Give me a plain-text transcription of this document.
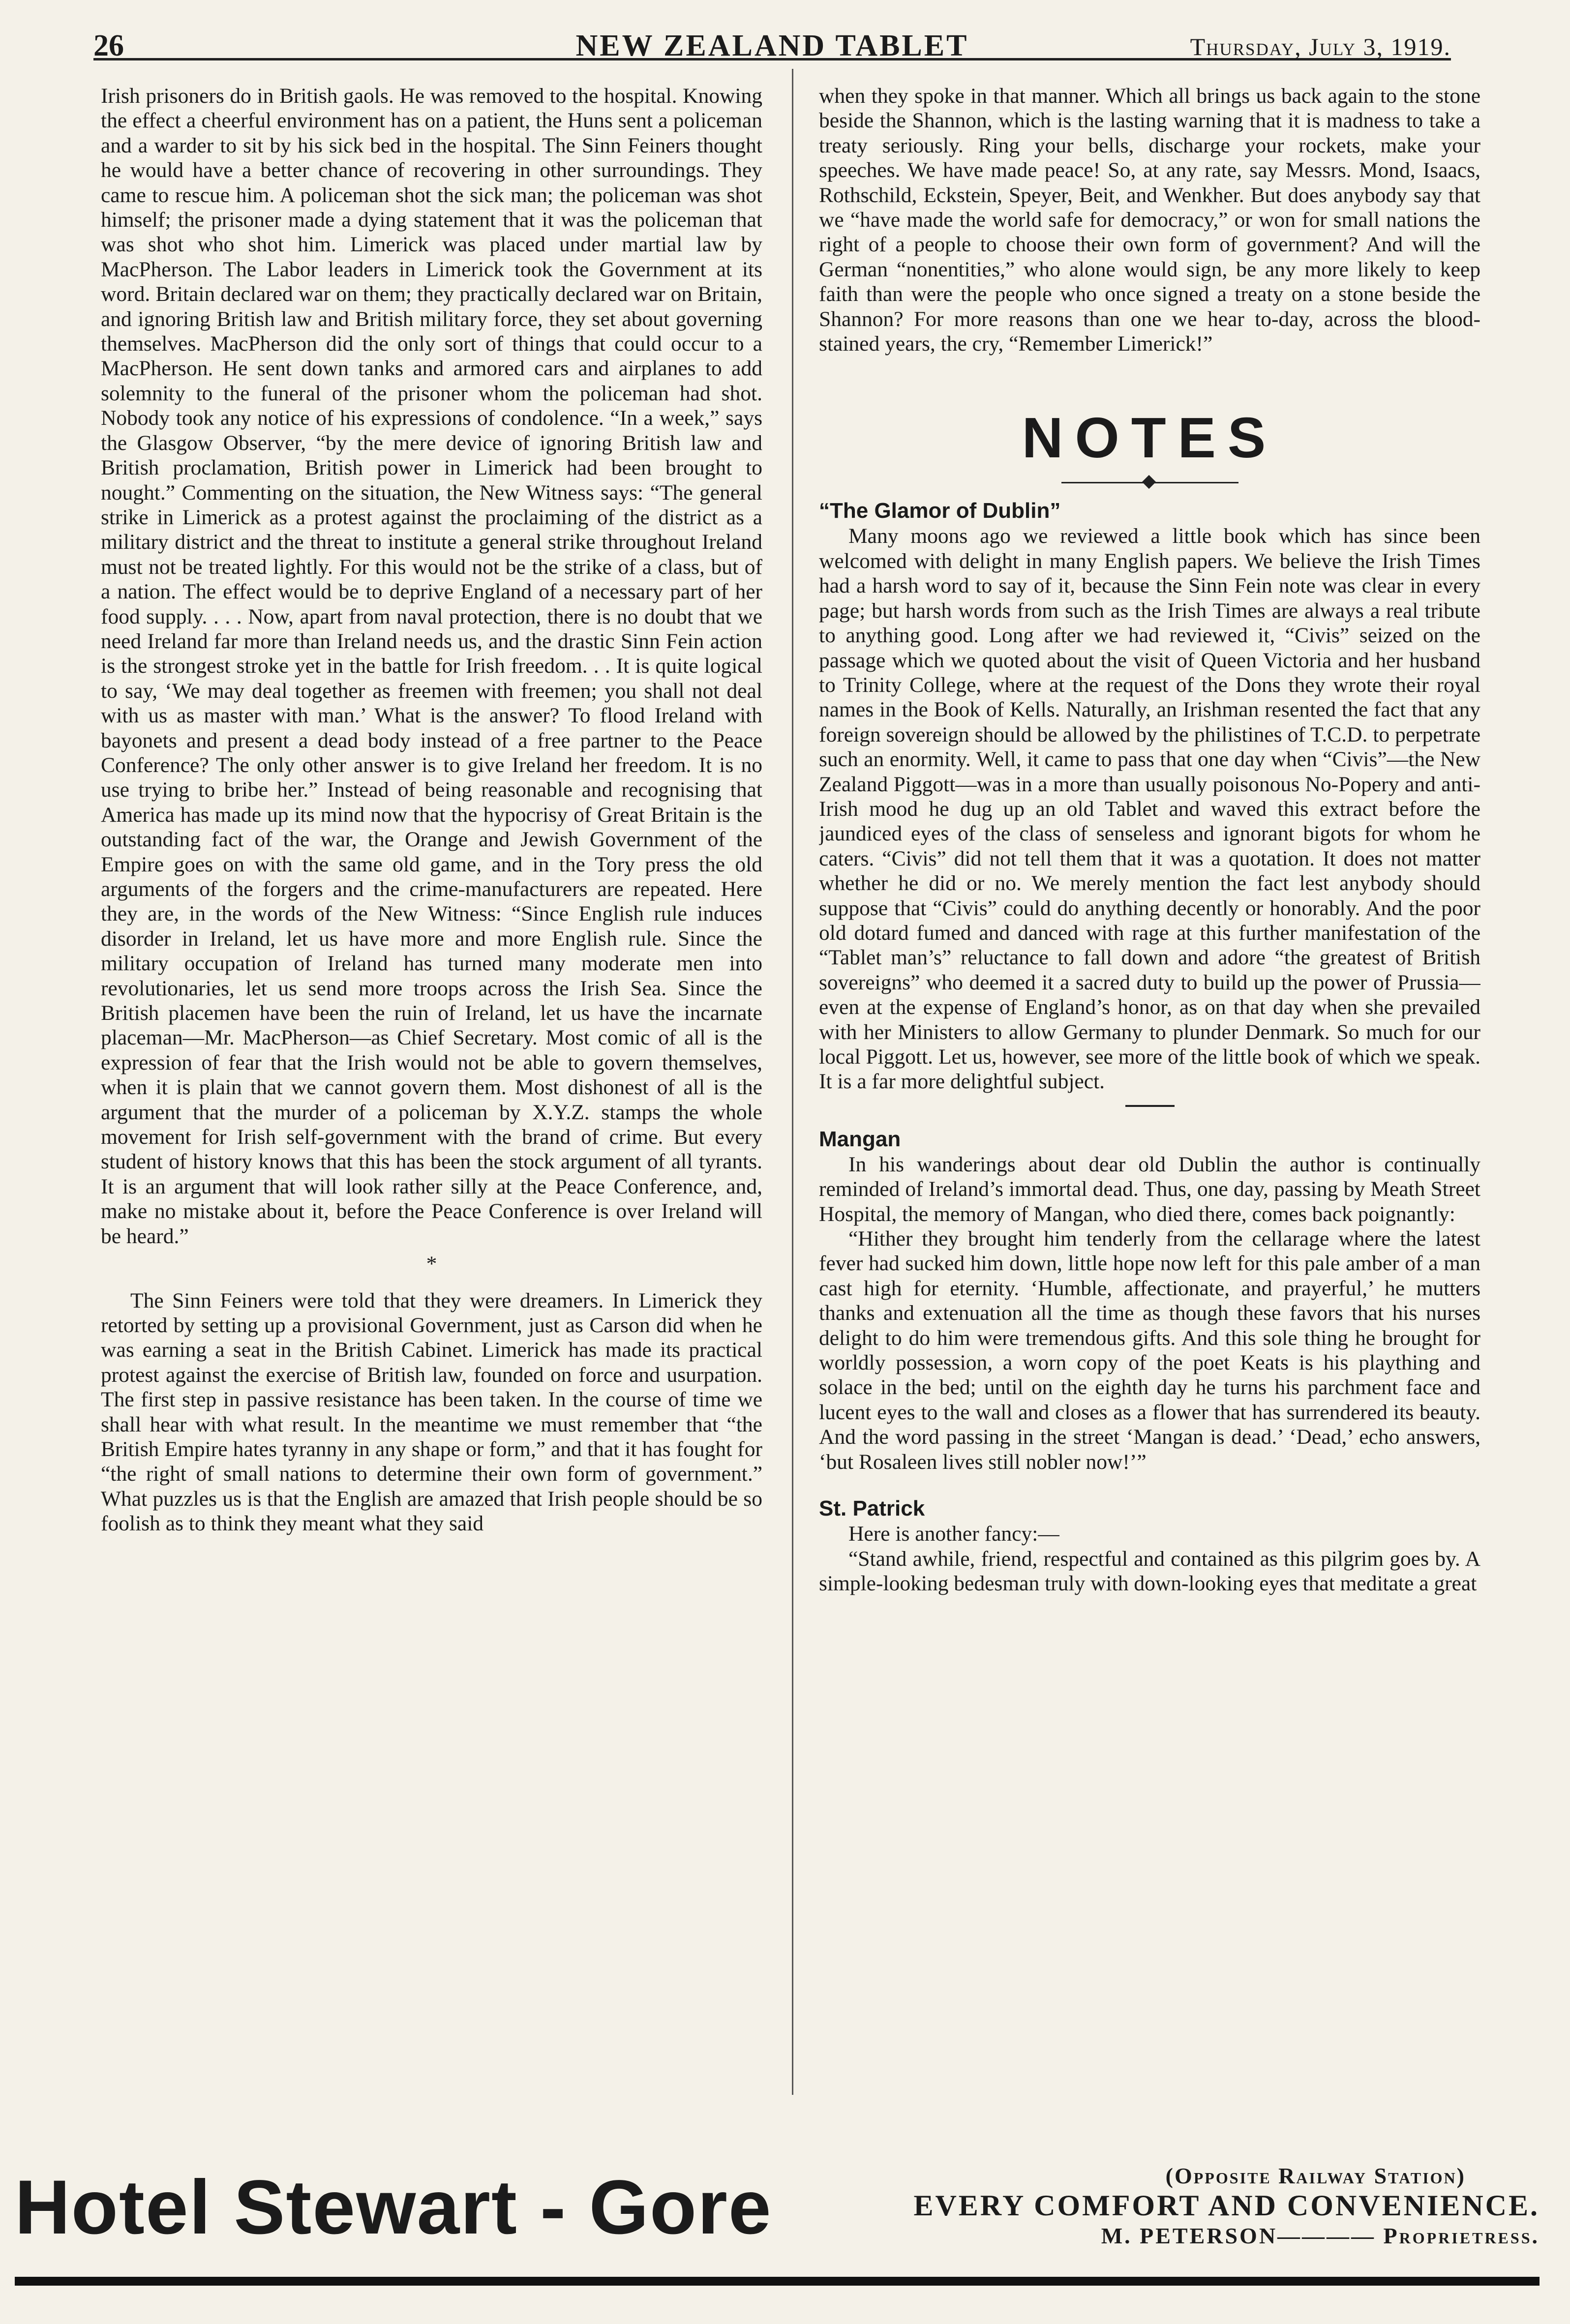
26	NEW ZEALAND TABLET	Thursday, July 3, 1919.

Irish prisoners do in British gaols. He was removed to the hospital. Knowing the effect a cheerful environment has on a patient, the Huns sent a policeman and a warder to sit by his sick bed in the hospital. The Sinn Feiners thought he would have a better chance of recovering in other surroundings. They came to rescue him. A policeman shot the sick man; the policeman was shot himself; the prisoner made a dying statement that it was the policeman that was shot who shot him. Limerick was placed under martial law by MacPherson. The Labor leaders in Limerick took the Government at its word. Britain declared war on them; they practically declared war on Britain, and ignoring British law and British military force, they set about governing themselves. MacPherson did the only sort of things that could occur to a MacPherson. He sent down tanks and armored cars and airplanes to add solemnity to the funeral of the prisoner whom the policeman had shot. Nobody took any notice of his expressions of condolence. “In a week,” says the Glasgow Observer, “by the mere device of ignoring British law and British proclamation, British power in Limerick had been brought to nought.” Commenting on the situation, the New Witness says: “The general strike in Limerick as a protest against the proclaiming of the district as a military district and the threat to institute a general strike throughout Ireland must not be treated lightly. For this would not be the strike of a class, but of a nation. The effect would be to deprive England of a necessary part of her food supply. . . . Now, apart from naval protection, there is no doubt that we need Ireland far more than Ireland needs us, and the drastic Sinn Fein action is the strongest stroke yet in the battle for Irish freedom. . . It is quite logical to say, ‘We may deal together as freemen with freemen; you shall not deal with us as master with man.’ What is the answer? To flood Ireland with bayonets and present a dead body instead of a free partner to the Peace Conference? The only other answer is to give Ireland her freedom. It is no use trying to bribe her.” Instead of being reasonable and recognising that America has made up its mind now that the hypocrisy of Great Britain is the outstanding fact of the war, the Orange and Jewish Government of the Empire goes on with the same old game, and in the Tory press the old arguments of the forgers and the crime-manufacturers are repeated. Here they are, in the words of the New Witness: “Since English rule induces disorder in Ireland, let us have more and more English rule. Since the military occupation of Ireland has turned many moderate men into revolutionaries, let us send more troops across the Irish Sea. Since the British placemen have been the ruin of Ireland, let us have the incarnate placeman—Mr. MacPherson—as Chief Secretary. Most comic of all is the expression of fear that the Irish would not be able to govern themselves, when it is plain that we cannot govern them. Most dishonest of all is the argument that the murder of a policeman by X.Y.Z. stamps the whole movement for Irish self-government with the brand of crime. But every student of history knows that this has been the stock argument of all tyrants. It is an argument that will look rather silly at the Peace Conference, and, make no mistake about it, before the Peace Conference is over Ireland will be heard.”

*

The Sinn Feiners were told that they were dreamers. In Limerick they retorted by setting up a provisional Government, just as Carson did when he was earning a seat in the British Cabinet. Limerick has made its practical protest against the exercise of British law, founded on force and usurpation. The first step in passive resistance has been taken. In the course of time we shall hear with what result. In the meantime we must remember that “the British Empire hates tyranny in any shape or form,” and that it has fought for “the right of small nations to determine their own form of government.” What puzzles us is that the English are amazed that Irish people should be so foolish as to think they meant what they said

when they spoke in that manner. Which all brings us back again to the stone beside the Shannon, which is the lasting warning that it is madness to take a treaty seriously. Ring your bells, discharge your rockets, make your speeches. We have made peace! So, at any rate, say Messrs. Mond, Isaacs, Rothschild, Eckstein, Speyer, Beit, and Wenkher. But does anybody say that we “have made the world safe for democracy,” or won for small nations the right of a people to choose their own form of government? And will the German “nonentities,” who alone would sign, be any more likely to keep faith than were the people who once signed a treaty on a stone beside the Shannon? For more reasons than one we hear to-day, across the blood-stained years, the cry, “Remember Limerick!”

NOTES
“The Glamor of Dublin”

Many moons ago we reviewed a little book which has since been welcomed with delight in many English papers. We believe the Irish Times had a harsh word to say of it, because the Sinn Fein note was clear in every page; but harsh words from such as the Irish Times are always a real tribute to anything good. Long after we had reviewed it, “Civis” seized on the passage which we quoted about the visit of Queen Victoria and her husband to Trinity College, where at the request of the Dons they wrote their royal names in the Book of Kells. Naturally, an Irishman resented the fact that any foreign sovereign should be allowed by the philistines of T.C.D. to perpetrate such an enormity. Well, it came to pass that one day when “Civis”—the New Zealand Piggott—was in a more than usually poisonous No-Popery and anti-Irish mood he dug up an old Tablet and waved this extract before the jaundiced eyes of the class of senseless and ignorant bigots for whom he caters. “Civis” did not tell them that it was a quotation. It does not matter whether he did or no. We merely mention the fact lest anybody should suppose that “Civis” could do anything decently or honorably. And the poor old dotard fumed and danced with rage at this further manifestation of the “Tablet man’s” reluctance to fall down and adore “the greatest of British sovereigns” who deemed it a sacred duty to build up the power of Prussia—even at the expense of England’s honor, as on that day when she prevailed with her Ministers to allow Germany to plunder Denmark. So much for our local Piggott. Let us, however, see more of the little book of which we speak. It is a far more delightful subject.

Mangan

In his wanderings about dear old Dublin the author is continually reminded of Ireland’s immortal dead. Thus, one day, passing by Meath Street Hospital, the memory of Mangan, who died there, comes back poignantly:

“Hither they brought him tenderly from the cellarage where the latest fever had sucked him down, little hope now left for this pale amber of a man cast high for eternity. ‘Humble, affectionate, and prayerful,’ he mutters thanks and extenuation all the time as though these favors that his nurses delight to do him were tremendous gifts. And this sole thing he brought for worldly possession, a worn copy of the poet Keats is his plaything and solace in the bed; until on the eighth day he turns his parchment face and lucent eyes to the wall and closes as a flower that has surrendered its beauty. And the word passing in the street ‘Mangan is dead.’ ‘Dead,’ echo answers, ‘but Rosaleen lives still nobler now!’”

St. Patrick

Here is another fancy:—

“Stand awhile, friend, respectful and contained as this pilgrim goes by. A simple-looking bedesman truly with down-looking eyes that meditate a great

Hotel Stewart - Gore	(Opposite Railway Station)
EVERY COMFORT AND CONVENIENCE.
M. PETERSON———— Proprietress.
